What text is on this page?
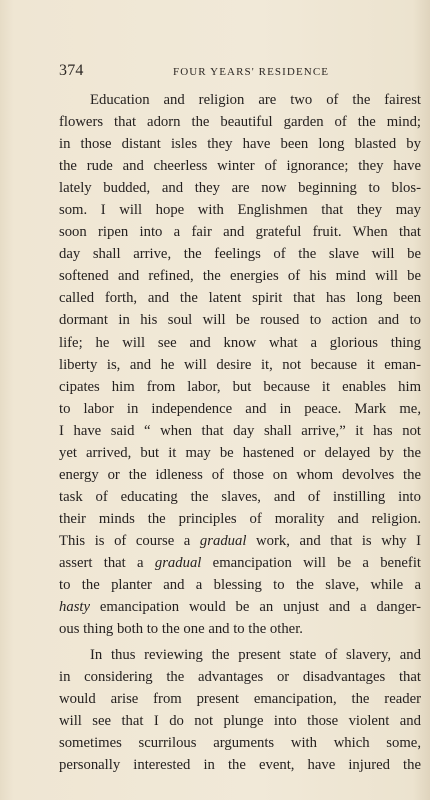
374	FOUR YEARS' RESIDENCE
Education and religion are two of the fairest
flowers that adorn the beautiful garden of the mind;
in those distant isles they have been long blasted by
the rude and cheerless winter of ignorance; they have
lately budded, and they are now beginning to blos-
som. I will hope with Englishmen that they may
soon ripen into a fair and grateful fruit. When that
day shall arrive, the feelings of the slave will be
softened and refined, the energies of his mind will be
called forth, and the latent spirit that has long been
dormant in his soul will be roused to action and to
life; he will see and know what a glorious thing
liberty is, and he will desire it, not because it eman-
cipates him from labor, but because it enables him
to labor in independence and in peace. Mark me,
I have said “ when that day shall arrive,” it has not
yet arrived, but it may be hastened or delayed by the
energy or the idleness of those on whom devolves the
task of educating the slaves, and of instilling into
their minds the principles of morality and religion.
This is of course a gradual work, and that is why I
assert that a gradual emancipation will be a benefit
to the planter and a blessing to the slave, while a
hasty emancipation would be an unjust and a danger-
ous thing both to the one and to the other.
In thus reviewing the present state of slavery, and
in considering the advantages or disadvantages that
would arise from present emancipation, the reader
will see that I do not plunge into those violent and
sometimes scurrilous arguments with which some,
personally interested in the event, have injured the
